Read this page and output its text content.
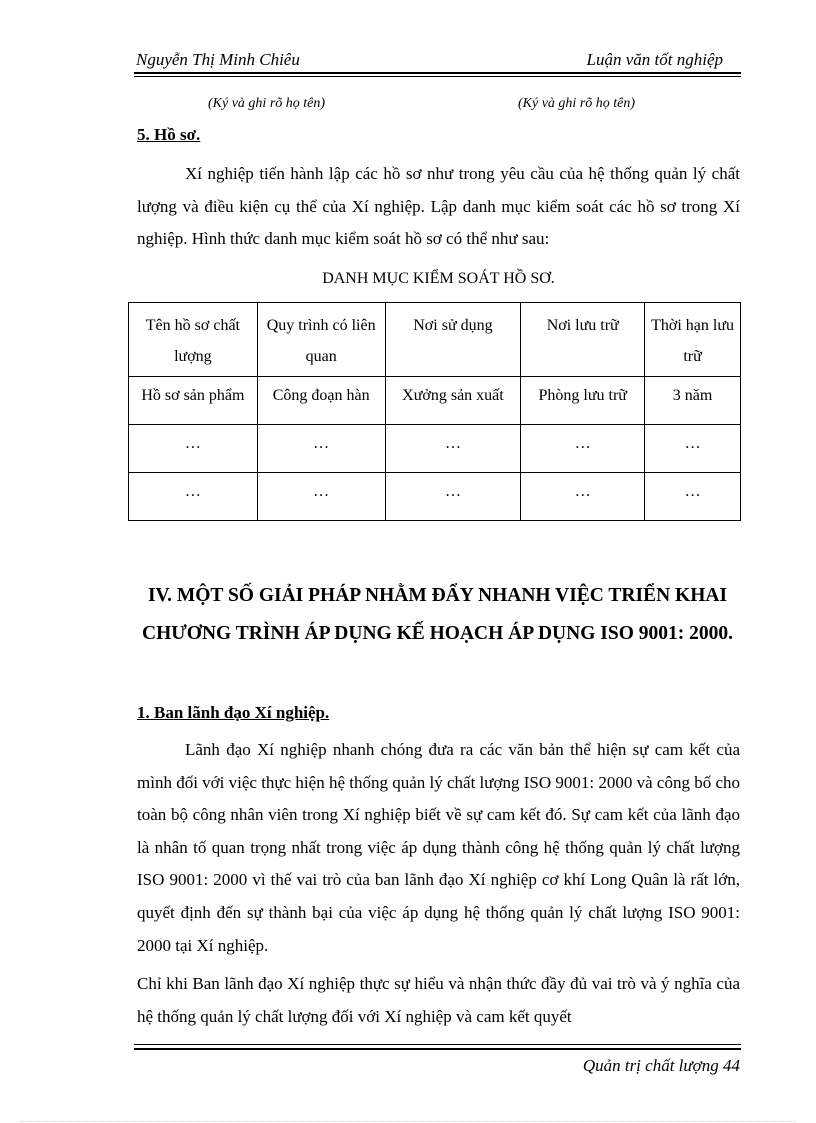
Nguyễn Thị Minh Chiêu	Luận văn tốt nghiệp
(Ký và ghi rõ họ tên)	(Ký và ghi rõ họ tên)
5. Hồ sơ.
Xí nghiệp tiến hành lập các hồ sơ như trong yêu cầu của hệ thống quản lý chất lượng và điều kiện cụ thể của Xí nghiệp. Lập danh mục kiểm soát các hồ sơ trong Xí nghiệp. Hình thức danh mục kiểm soát hồ sơ có thể như sau:
DANH MỤC KIỂM SOÁT HỒ SƠ.
Tên hồ sơ chất lượng	Quy trình có liên quan	Nơi sử dụng	Nơi lưu trữ	Thời hạn lưu trữ
Hồ sơ sản phẩm	Công đoạn hàn	Xưởng sản xuất	Phòng lưu trữ	3 năm
…	…	…	…	…
…	…	…	…	…
IV. MỘT SỐ GIẢI PHÁP NHẰM ĐẨY NHANH VIỆC TRIỂN KHAI CHƯƠNG TRÌNH ÁP DỤNG KẾ HOẠCH ÁP DỤNG ISO 9001: 2000.
1. Ban lãnh đạo Xí nghiệp.
Lãnh đạo Xí nghiệp nhanh chóng đưa ra các văn bản thể hiện sự cam kết của mình đối với việc thực hiện hệ thống quản lý chất lượng ISO 9001: 2000 và công bố cho toàn bộ công nhân viên trong Xí nghiệp biết về sự cam kết đó. Sự cam kết của lãnh đạo là nhân tố quan trọng nhất trong việc áp dụng thành công hệ thống quản lý chất lượng ISO 9001: 2000 vì thế vai trò của ban lãnh đạo Xí nghiệp cơ khí Long Quân là rất lớn, quyết định đến sự thành bại của việc áp dụng hệ thống quản lý chất lượng ISO 9001: 2000 tại Xí nghiệp.
Chỉ khi Ban lãnh đạo Xí nghiệp thực sự hiểu và nhận thức đầy đủ vai trò và ý nghĩa của hệ thống quản lý chất lượng đối với Xí nghiệp và cam kết quyết
Quản trị chất lượng 44
